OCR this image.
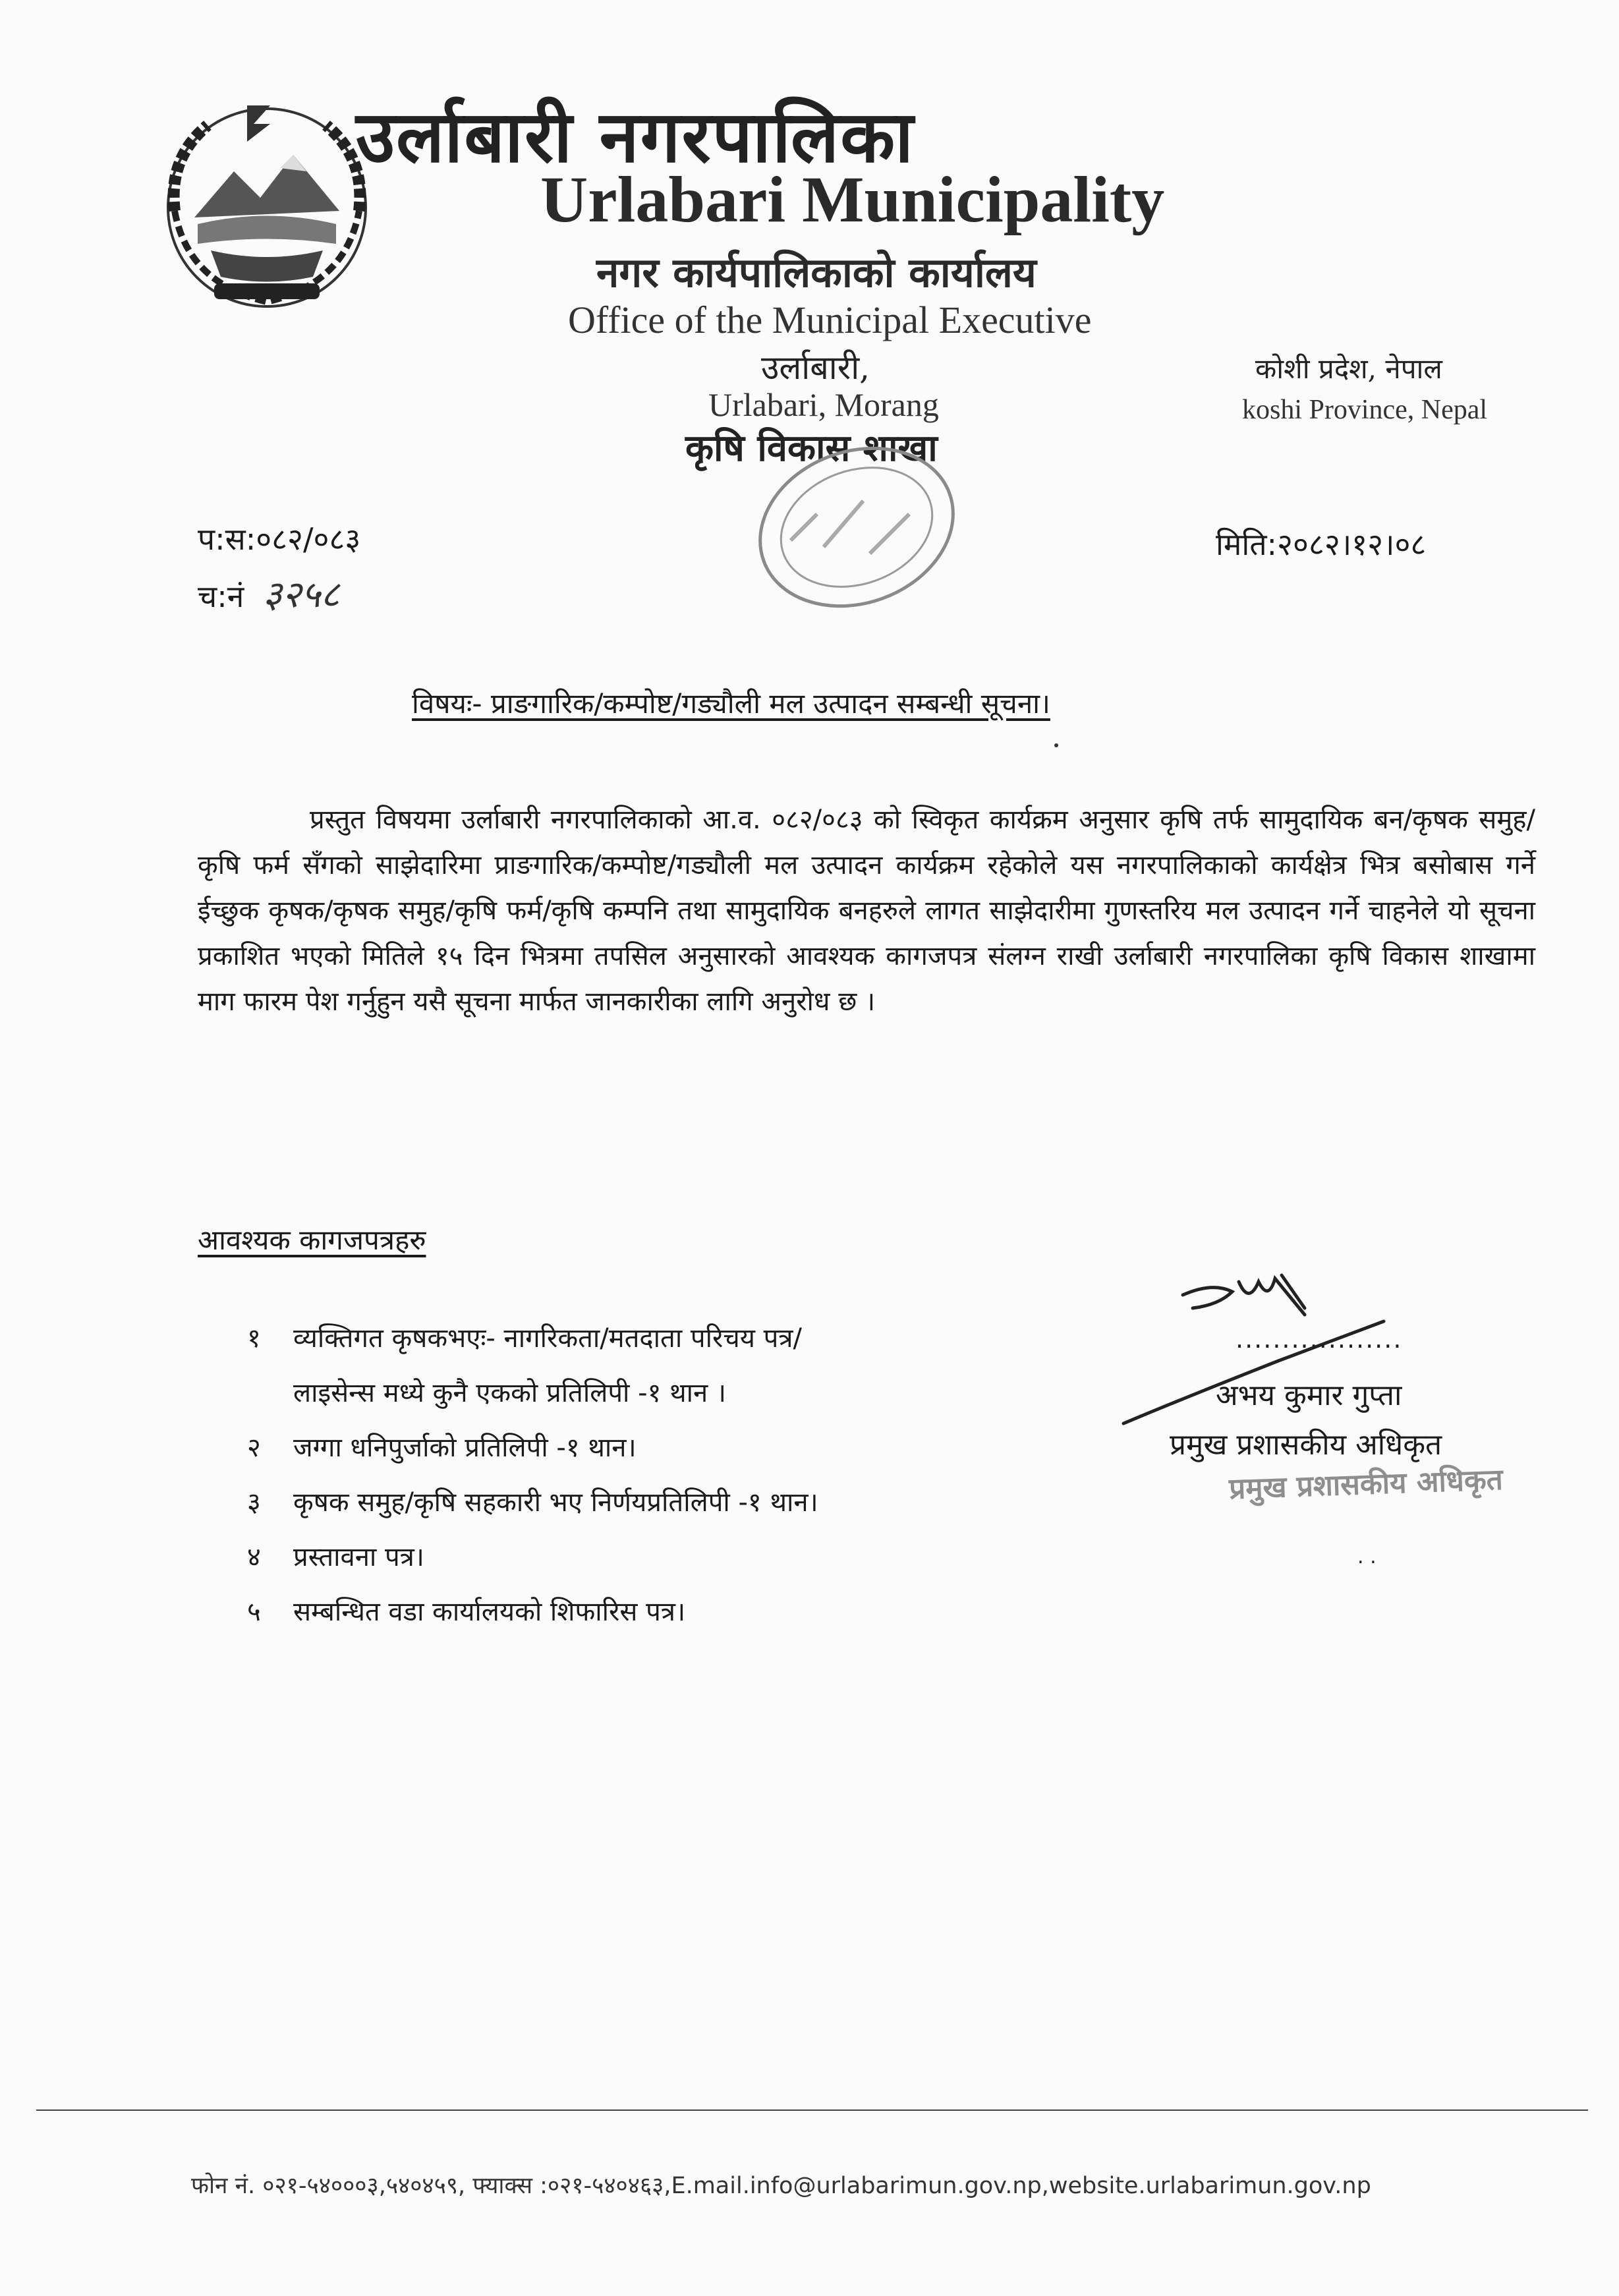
उर्लाबारी नगरपालिका
Urlabari Municipality
नगर कार्यपालिकाको कार्यालय
Office of the Municipal Executive
उर्लाबारी,
Urlabari, Morang
कृषि विकास शाखा
कोशी प्रदेश, नेपाल
koshi Province, Nepal
प:स:०८२/०८३
च:नं ३२५८
मिति:२०८२।१२।०८
विषयः- प्राङगारिक/कम्पोष्ट/गड्यौली मल उत्पादन सम्बन्धी सूचना।
प्रस्तुत विषयमा उर्लाबारी नगरपालिकाको आ.व. ०८२/०८३ को स्विकृत कार्यक्रम अनुसार कृषि तर्फ सामुदायिक बन/कृषक समुह/कृषि फर्म सँगको साझेदारिमा प्राङगारिक/कम्पोष्ट/गड्यौली मल उत्पादन कार्यक्रम रहेकोले यस नगरपालिकाको कार्यक्षेत्र भित्र बसोबास गर्ने ईच्छुक कृषक/कृषक समुह/कृषि फर्म/कृषि कम्पनि तथा सामुदायिक बनहरुले लागत साझेदारीमा गुणस्तरिय मल उत्पादन गर्ने चाहनेले यो सूचना प्रकाशित भएको मितिले १५ दिन भित्रमा तपसिल अनुसारको आवश्यक कागजपत्र संलग्न राखी उर्लाबारी नगरपालिका कृषि विकास शाखामा माग फारम पेश गर्नुहुन यसै सूचना मार्फत जानकारीका लागि अनुरोध छ ।
आवश्यक कागजपत्रहरु
१	व्यक्तिगत कृषकभएः- नागरिकता/मतदाता परिचय पत्र/
लाइसेन्स मध्ये कुनै एकको प्रतिलिपी -१ थान ।
२	जग्गा धनिपुर्जाको प्रतिलिपी -१ थान।
३	कृषक समुह/कृषि सहकारी भए निर्णयप्रतिलिपी -१ थान।
४	प्रस्तावना पत्र।
५	सम्बन्धित वडा कार्यालयको शिफारिस पत्र।
..................
अभय कुमार गुप्ता
प्रमुख प्रशासकीय अधिकृत
प्रमुख प्रशासकीय अधिकृत
. .
फोन नं. ०२१-५४०००३,५४०४५९, फ्याक्स :०२१-५४०४६३,E.mail.info@urlabarimun.gov.np,website.urlabarimun.gov.np
